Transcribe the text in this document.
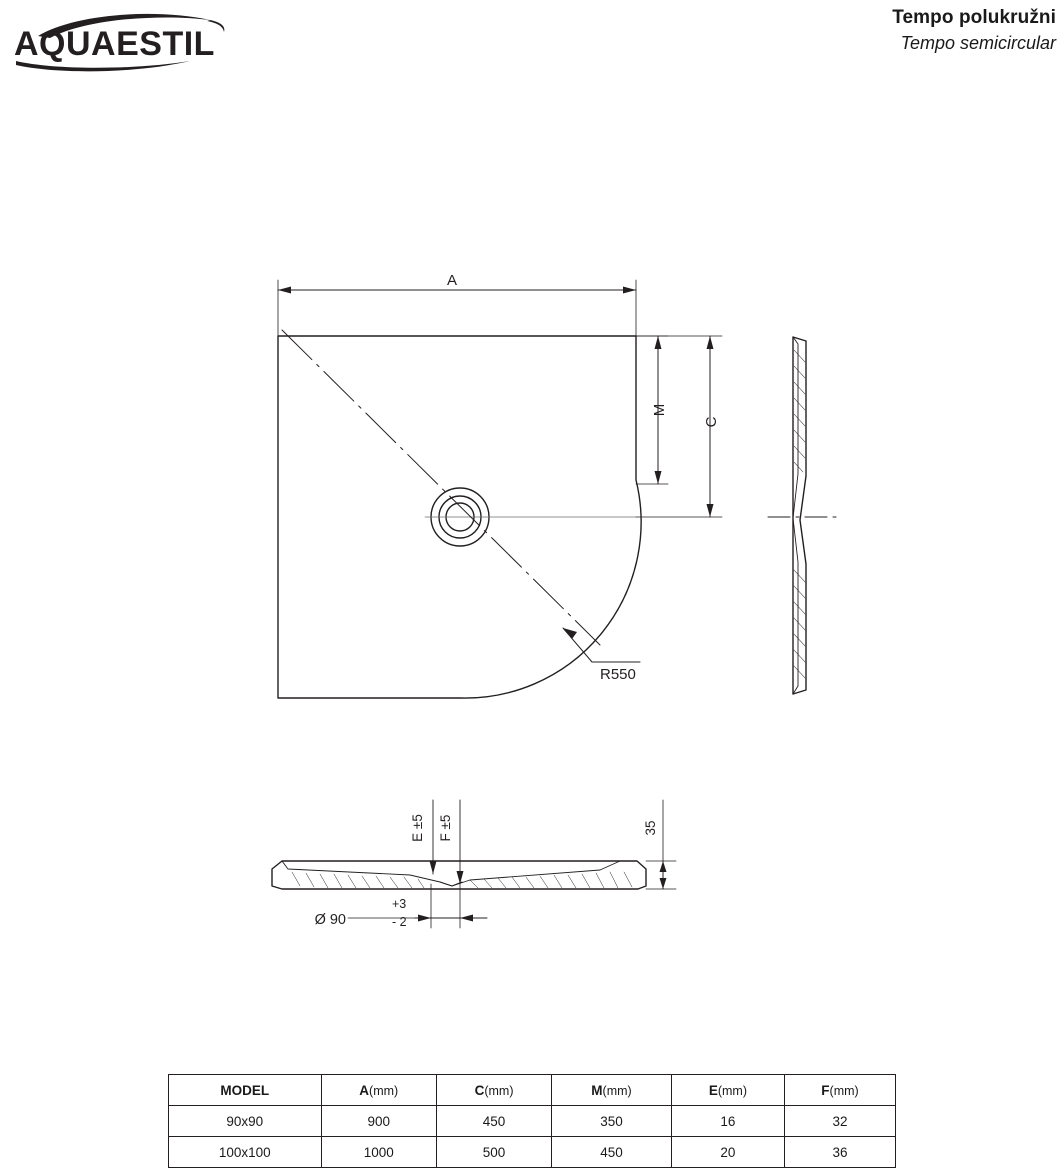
AQUAESTIL
Tempo polukružni
Tempo semicircular
A
M
C
R550
E ±5 F ±5	35
Ø 90
+3
- 2
MODEL	A(mm)	C(mm)	M(mm)	E(mm)	F(mm)
90x90	900	450	350	16	32
100x100	1000	500	450	20	36
